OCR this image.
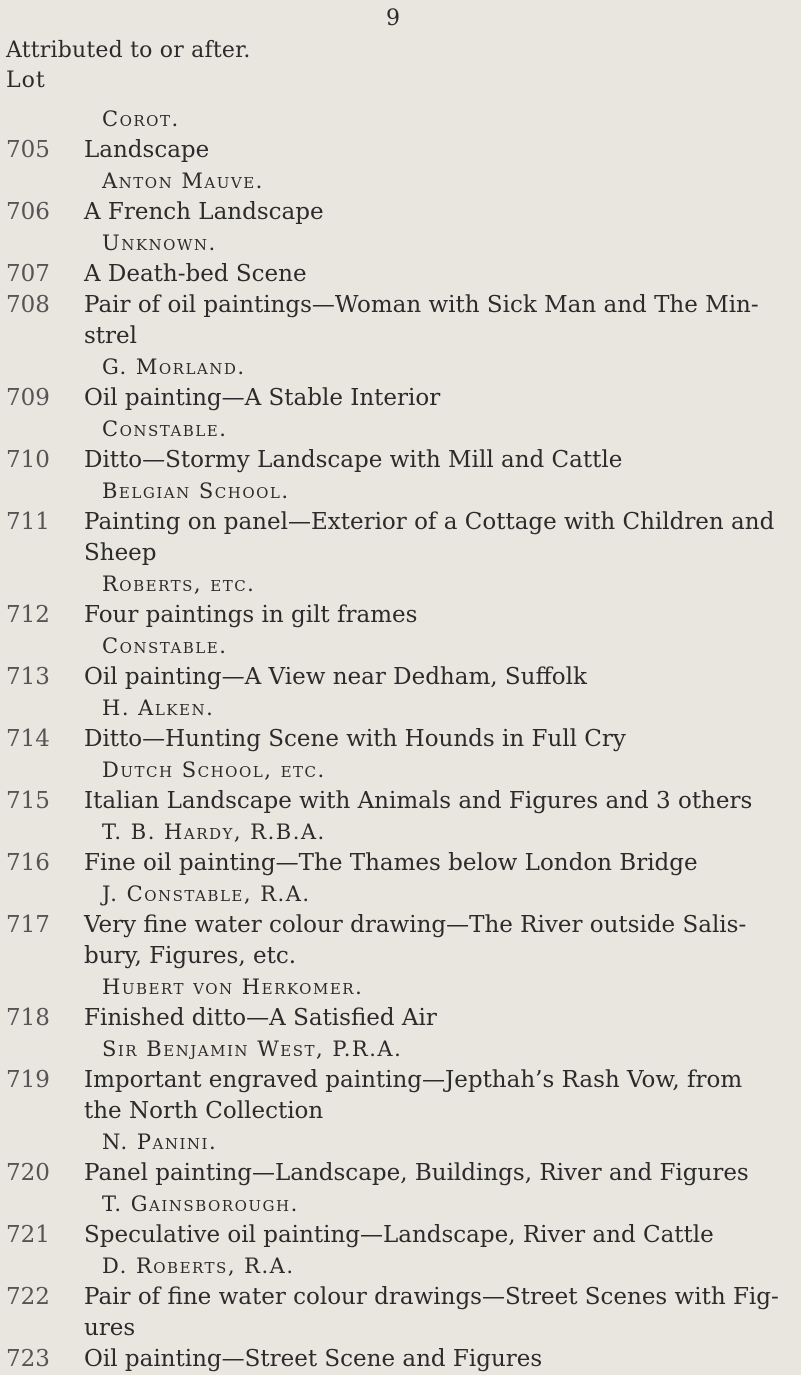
9
Attributed to or after.
Lot
Corot.
705	Landscape
Anton Mauve.
706	A French Landscape
Unknown.
707	A Death-bed Scene
708	Pair of oil paintings—Woman with Sick Man and The Min-strel
G. Morland.
709	Oil painting—A Stable Interior
Constable.
710	Ditto—Stormy Landscape with Mill and Cattle
Belgian School.
711	Painting on panel—Exterior of a Cottage with Children and Sheep
Roberts, etc.
712	Four paintings in gilt frames
Constable.
713	Oil painting—A View near Dedham, Suffolk
H. Alken.
714	Ditto—Hunting Scene with Hounds in Full Cry
Dutch School, etc.
715	Italian Landscape with Animals and Figures and 3 others
T. B. Hardy, R.B.A.
716	Fine oil painting—The Thames below London Bridge
J. Constable, R.A.
717	Very fine water colour drawing—The River outside Salis-bury, Figures, etc.
Hubert von Herkomer.
718	Finished ditto—A Satisfied Air
Sir Benjamin West, P.R.A.
719	Important engraved painting—Jepthah’s Rash Vow, from the North Collection
N. Panini.
720	Panel painting—Landscape, Buildings, River and Figures
T. Gainsborough.
721	Speculative oil painting—Landscape, River and Cattle
D. Roberts, R.A.
722	Pair of fine water colour drawings—Street Scenes with Fig-ures
723	Oil painting—Street Scene and Figures
